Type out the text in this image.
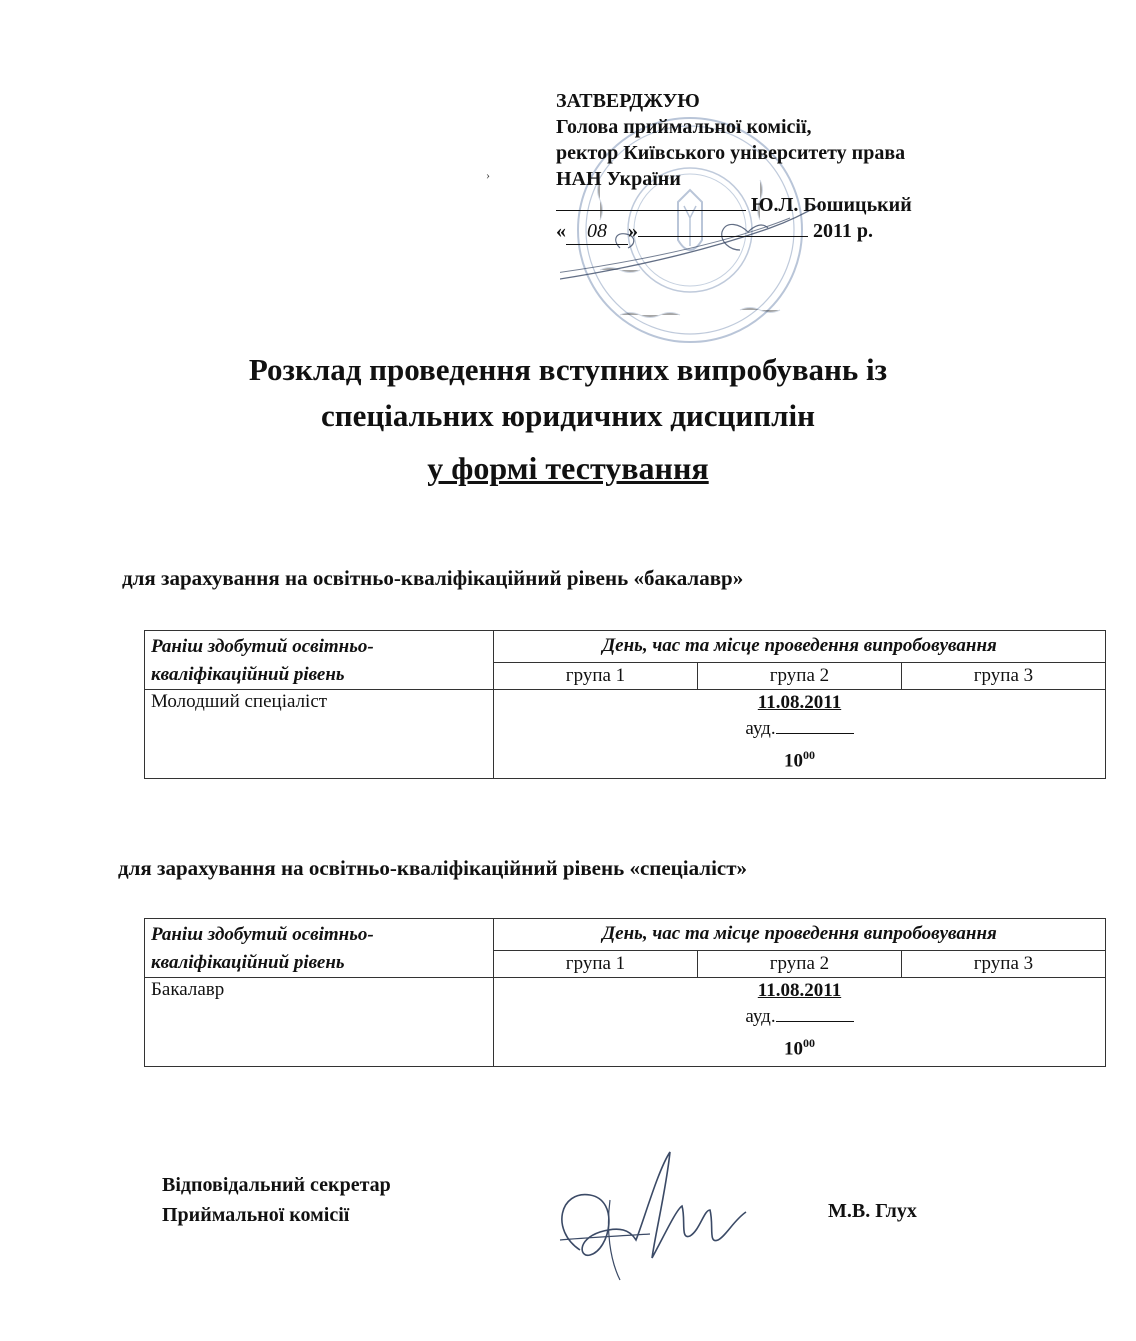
›
ЗАТВЕРДЖУЮ
Голова приймальної комісії,
ректор Київського університету права
НАН України
Ю.Л. Бошицький
« 08 »	2011 р.
Розклад проведення вступних випробувань із
спеціальних юридичних дисциплін
у формі тестування
для зарахування на освітньо-кваліфікаційний рівень «бакалавр»
Раніш здобутий освітньо-
кваліфікаційний рівень	День, час та місце проведення випробовування		
	група 1	група 2	група 3
Молодший спеціаліст	11.08.2011
ауд.
$10^{00}$
для зарахування на освітньо-кваліфікаційний рівень «спеціаліст»
Раніш здобутий освітньо-
кваліфікаційний рівень	День, час та місце проведення випробовування		
	група 1	група 2	група 3
Бакалавр	11.08.2011
ауд.
$10^{00}$
Відповідальний секретар
Приймальної комісії	М.В. Глух
